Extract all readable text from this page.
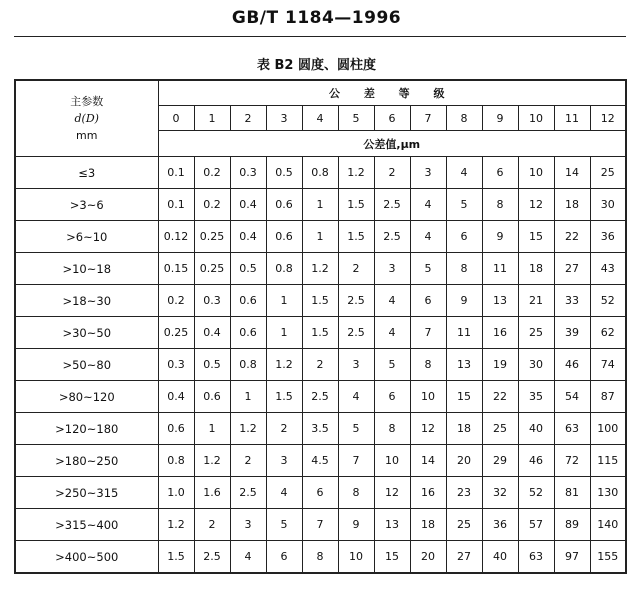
GB/T 1184—1996
表 B2 圆度、圆柱度
主参数
d(D)
mm	公 差 等 级												
	0	1	2	3	4	5	6	7	8	9	10	11	12
	公差值,μm												
≤3	0.1	0.2	0.3	0.5	0.8	1.2	2	3	4	6	10	14	25
>3~6	0.1	0.2	0.4	0.6	1	1.5	2.5	4	5	8	12	18	30
>6~10	0.12	0.25	0.4	0.6	1	1.5	2.5	4	6	9	15	22	36
>10~18	0.15	0.25	0.5	0.8	1.2	2	3	5	8	11	18	27	43
>18~30	0.2	0.3	0.6	1	1.5	2.5	4	6	9	13	21	33	52
>30~50	0.25	0.4	0.6	1	1.5	2.5	4	7	11	16	25	39	62
>50~80	0.3	0.5	0.8	1.2	2	3	5	8	13	19	30	46	74
>80~120	0.4	0.6	1	1.5	2.5	4	6	10	15	22	35	54	87
>120~180	0.6	1	1.2	2	3.5	5	8	12	18	25	40	63	100
>180~250	0.8	1.2	2	3	4.5	7	10	14	20	29	46	72	115
>250~315	1.0	1.6	2.5	4	6	8	12	16	23	32	52	81	130
>315~400	1.2	2	3	5	7	9	13	18	25	36	57	89	140
>400~500	1.5	2.5	4	6	8	10	15	20	27	40	63	97	155
